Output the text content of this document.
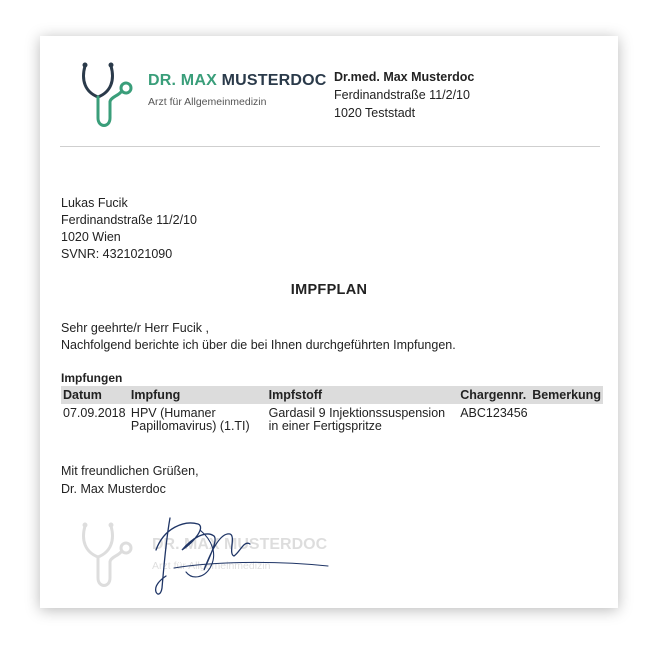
DR. MAX MUSTERDOC
Arzt für Allgemeinmedizin
Dr.med. Max Musterdoc
Ferdinandstraße 11/2/10
1020 Teststadt
Lukas Fucik
Ferdinandstraße 11/2/10
1020 Wien
SVNR: 4321021090
IMPFPLAN
Sehr geehrte/r Herr Fucik ,
Nachfolgend berichte ich über die bei Ihnen durchgeführten Impfungen.
Impfungen
Datum	Impfung	Impfstoff	Chargennr.	Bemerkung
07.09.2018	HPV (Humaner Papillomavirus) (1.TI)	Gardasil 9 Injektionssuspension in einer Fertigspritze	ABC123456	
Mit freundlichen Grüßen,
Dr. Max Musterdoc
DR. MAX MUSTERDOC
Arzt für Allgemeinmedizin
